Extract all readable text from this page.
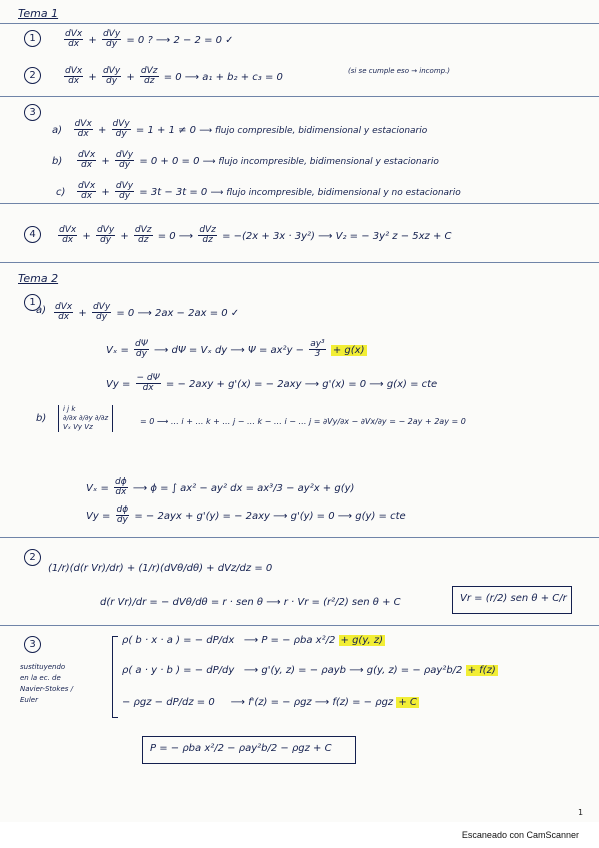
Tema 1
1	$\frac{\text{dVx}}{dx} + \frac{\text{dVy}}{dy} = 0$ ? ⟶ 2 − 2 = 0 ✓
2	$\frac{\text{dVx}}{dx} + \frac{\text{dVy}}{dy} + \frac{\text{dVz}}{dz} = 0$ ⟶ a₁ + b₂ + c₃ = 0
(si se cumple eso → incomp.)
3
$a) \frac{\text{dVx}}{dx} + \frac{\text{dVy}}{dy} = 1 + 1 \ne 0$ ⟶ flujo compresible, bidimensional y estacionario
$b) \frac{\text{dVx}}{dx} + \frac{\text{dVy}}{dy} = 0 + 0 = 0$ ⟶ flujo incompresible, bidimensional y estacionario
$c) \frac{\text{dVx}}{dx} + \frac{\text{dVy}}{dy} = 3t - 3t = 0$ ⟶ flujo incompresible, bidimensional y no estacionario
4	$\frac{\text{dVx}}{dx} + \frac{\text{dVy}}{dy} + \frac{\text{dVz}}{dz} = 0$ ⟶ $\frac{\text{dVz}}{dz} = -(2x + 3x \cdot 3y^2)$ ⟶ V₂ = − 3y² z − 5xz + C
Tema 2
1
$a) \frac{\text{dVx}}{dx} + \frac{\text{dVy}}{dy} = 0$ ⟶ 2ax − 2ax = 0 ✓
$V_x = \frac{d\Psi}{dy}$ ⟶ dΨ = Vₓ dy ⟶ $\Psi = ax^2y - \frac{\text{ay³}}{3} + g(x)$
$Vy = \frac{- d\Psi}{dx}$ = − 2axy + g'(x) = − 2axy ⟶ g'(x) = 0 ⟶ g(x) = cte
b)
i j k
∂/∂x ∂/∂y ∂/∂z
Vₓ Vy Vz
= 0 ⟶ … i + … k + … j − … k − … i − … j = ∂Vy/∂x − ∂Vx/∂y = − 2ay + 2ay = 0
$V_x = \frac{d\phi}{dx}$ ⟶ ϕ = ∫ ax² − ay² dx = ax³/3 − ay²x + g(y)
$Vy = \frac{d\phi}{dy}$ = − 2ayx + g'(y) = − 2axy ⟶ g'(y) = 0 ⟶ g(y) = cte
2
(1/r)(d(r Vr)/dr) + (1/r)(dVθ/dθ) + dVz/dz = 0
d(r Vr)/dr = − dVθ/dθ = r · sen θ ⟶ r · Vr = (r²/2) sen θ + C	Vr = (r/2) sen θ + C/r
3
sustituyendo
en la ec. de
Navier-Stokes /
Euler
ρ( b · x · a ) = − dP/dx ⟶ P = − ρba x²/2 + g(y, z)
ρ( a · y · b ) = − dP/dy ⟶ g'(y, z) = − ρayb ⟶ g(y, z) = − ρay²b/2 + f(z)
− ρgz − dP/dz = 0 ⟶ f'(z) = − ρgz ⟶ f(z) = − ρgz + C
P = − ρba x²/2 − ρay²b/2 − ρgz + C
1
Escaneado con CamScanner
